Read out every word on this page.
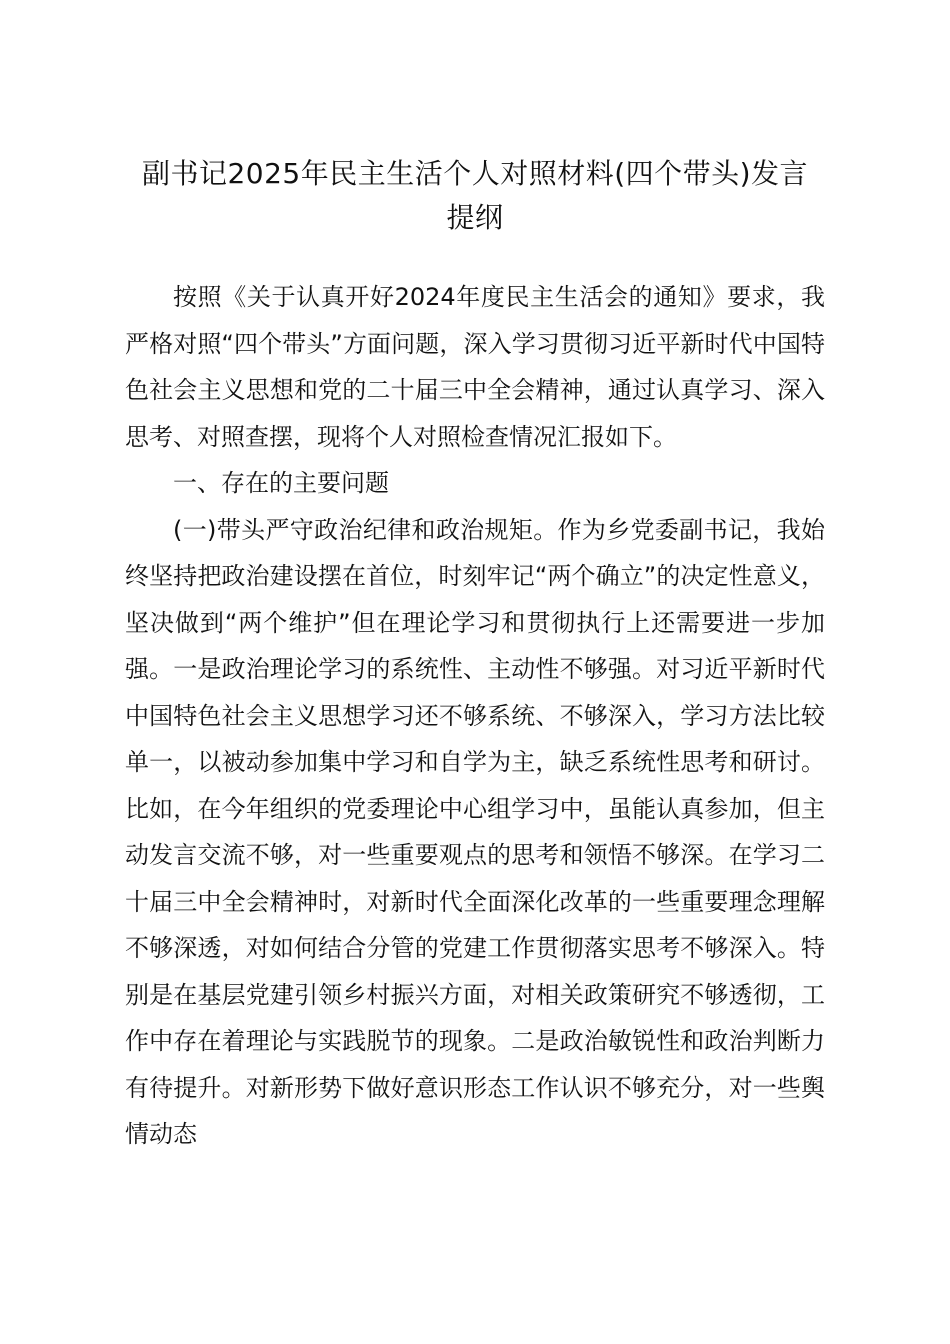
副书记2025年民主生活个人对照材料(四个带头)发言
提纲

按照《关于认真开好2024年度民主生活会的通知》要求，我严格对照“四个带头”方面问题，深入学习贯彻习近平新时代中国特色社会主义思想和党的二十届三中全会精神，通过认真学习、深入思考、对照查摆，现将个人对照检查情况汇报如下。

一、存在的主要问题

(一)带头严守政治纪律和政治规矩。作为乡党委副书记，我始终坚持把政治建设摆在首位，时刻牢记“两个确立”的决定性意义，坚决做到“两个维护”但在理论学习和贯彻执行上还需要进一步加强。一是政治理论学习的系统性、主动性不够强。对习近平新时代中国特色社会主义思想学习还不够系统、不够深入，学习方法比较单一，以被动参加集中学习和自学为主，缺乏系统性思考和研讨。比如，在今年组织的党委理论中心组学习中，虽能认真参加，但主动发言交流不够，对一些重要观点的思考和领悟不够深。在学习二十届三中全会精神时，对新时代全面深化改革的一些重要理念理解不够深透，对如何结合分管的党建工作贯彻落实思考不够深入。特别是在基层党建引领乡村振兴方面，对相关政策研究不够透彻，工作中存在着理论与实践脱节的现象。二是政治敏锐性和政治判断力有待提升。对新形势下做好意识形态工作认识不够充分，对一些舆情动态
